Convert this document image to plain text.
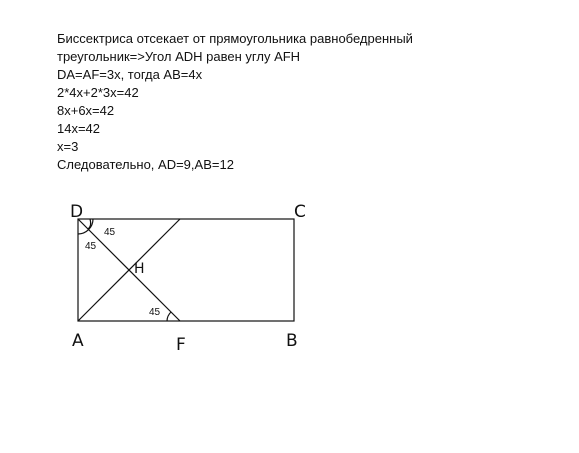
Биссектриса отсекает от прямоугольника равнобедренный
треугольник=>Угол ADH равен углу AFH
DA=AF=3x, тогда AB=4x
2*4x+2*3x=42
8x+6x=42
14x=42
x=3
Следовательно, AD=9,AB=12
D	C
A	F	B
H
45
45
45
